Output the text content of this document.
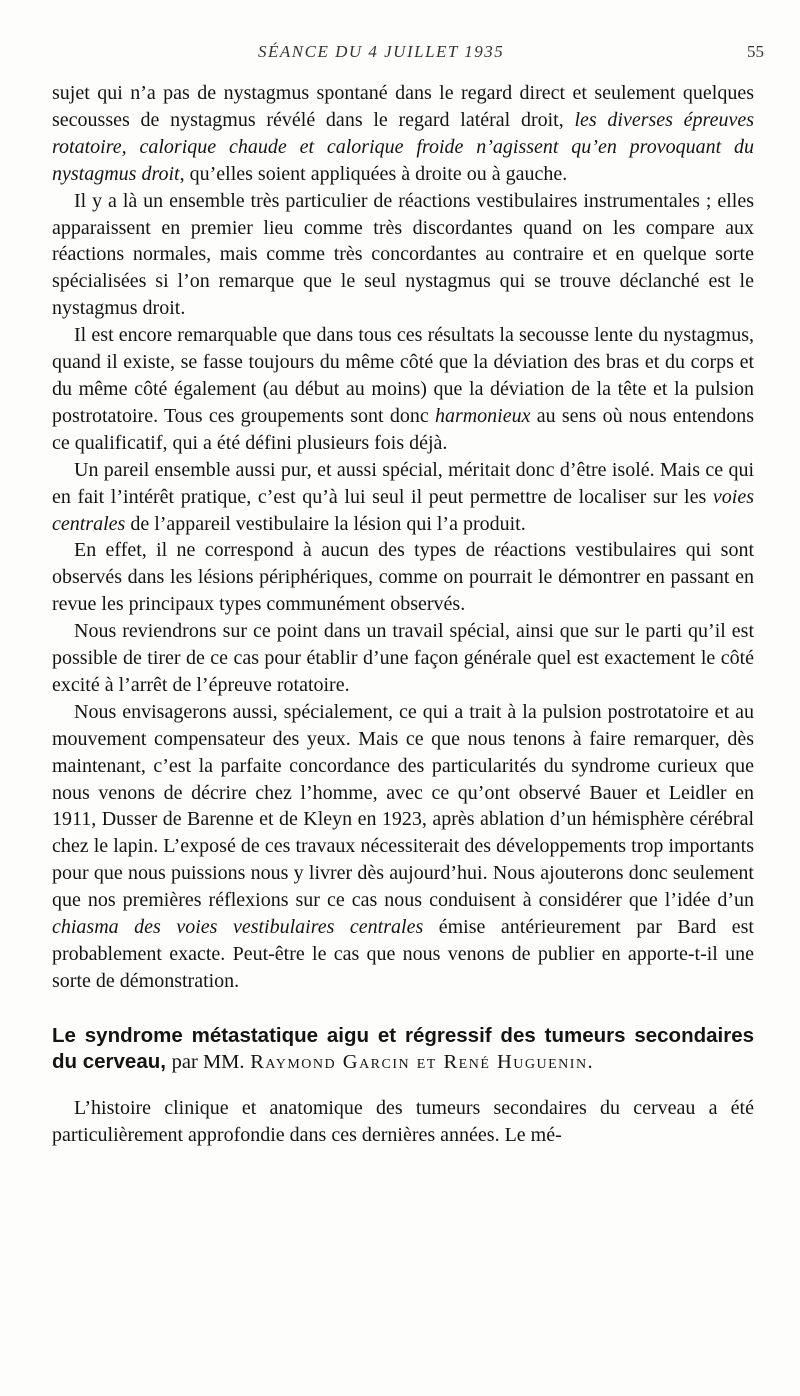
SÉANCE DU 4 JUILLET 1935	55

sujet qui n’a pas de nystagmus spontané dans le regard direct et seulement quelques secousses de nystagmus révélé dans le regard latéral droit, les diverses épreuves rotatoire, calorique chaude et calorique froide n’agissent qu’en provoquant du nystagmus droit, qu’elles soient appliquées à droite ou à gauche.

Il y a là un ensemble très particulier de réactions vestibulaires instrumentales ; elles apparaissent en premier lieu comme très discordantes quand on les compare aux réactions normales, mais comme très concordantes au contraire et en quelque sorte spécialisées si l’on remarque que le seul nystagmus qui se trouve déclanché est le nystagmus droit.

Il est encore remarquable que dans tous ces résultats la secousse lente du nystagmus, quand il existe, se fasse toujours du même côté que la déviation des bras et du corps et du même côté également (au début au moins) que la déviation de la tête et la pulsion postrotatoire. Tous ces groupements sont donc harmonieux au sens où nous entendons ce qualificatif, qui a été défini plusieurs fois déjà.

Un pareil ensemble aussi pur, et aussi spécial, méritait donc d’être isolé. Mais ce qui en fait l’intérêt pratique, c’est qu’à lui seul il peut permettre de localiser sur les voies centrales de l’appareil vestibulaire la lésion qui l’a produit.

En effet, il ne correspond à aucun des types de réactions vestibulaires qui sont observés dans les lésions périphériques, comme on pourrait le démontrer en passant en revue les principaux types communément observés.

Nous reviendrons sur ce point dans un travail spécial, ainsi que sur le parti qu’il est possible de tirer de ce cas pour établir d’une façon générale quel est exactement le côté excité à l’arrêt de l’épreuve rotatoire.

Nous envisagerons aussi, spécialement, ce qui a trait à la pulsion postrotatoire et au mouvement compensateur des yeux. Mais ce que nous tenons à faire remarquer, dès maintenant, c’est la parfaite concordance des particularités du syndrome curieux que nous venons de décrire chez l’homme, avec ce qu’ont observé Bauer et Leidler en 1911, Dusser de Barenne et de Kleyn en 1923, après ablation d’un hémisphère cérébral chez le lapin. L’exposé de ces travaux nécessiterait des développements trop importants pour que nous puissions nous y livrer dès aujourd’hui. Nous ajouterons donc seulement que nos premières réflexions sur ce cas nous conduisent à considérer que l’idée d’un chiasma des voies vestibulaires centrales émise antérieurement par Bard est probablement exacte. Peut-être le cas que nous venons de publier en apporte-t-il une sorte de démonstration.

Le syndrome métastatique aigu et régressif des tumeurs secondaires du cerveau, par MM. Raymond Garcin et René Huguenin.

L’histoire clinique et anatomique des tumeurs secondaires du cerveau a été particulièrement approfondie dans ces dernières années. Le mé-
